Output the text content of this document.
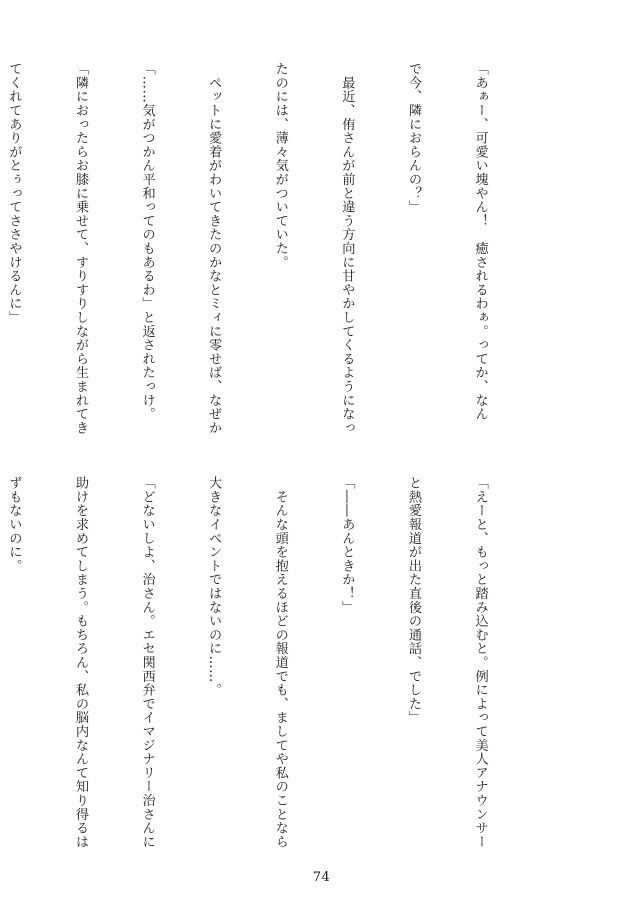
「あぁー、可愛い塊やん！　癒されるわぁ。ってか、なん

で今、隣におらんの？」

　最近、侑さんが前と違う方向に甘やかしてくるようになっ

たのには、薄々気がついていた。

　ペットに愛着がわいてきたのかなとミィに零せば、なぜか

「……気がつかん平和ってのもあるわ」と返されたっけ。

「隣におったらお膝に乗せて、すりすりしながら生まれてき

てくれてありがとぅってささやけるんに」

「えーと、もっと踏み込むと。例によって美人アナウンサー

と熱愛報道が出た直後の通話、でした」

「――あんときか！」

　そんな頭を抱えるほどの報道でも、ましてや私のことなら

大きなイベントではないのに……。

「どないしよ、治さん。エセ関西弁でイマジナリー治さんに

助けを求めてしまう。もちろん、私の脳内なんて知り得るは

ずもないのに。

74
